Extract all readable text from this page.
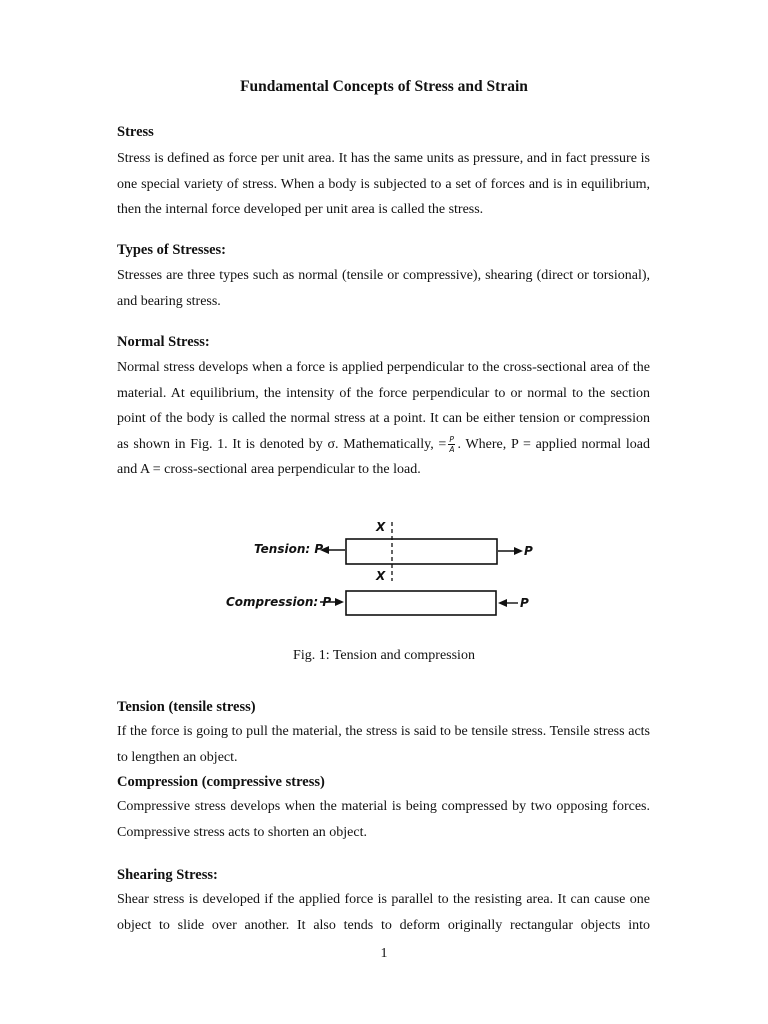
Fundamental Concepts of Stress and Strain
Stress
Stress is defined as force per unit area. It has the same units as pressure, and in fact pressure is one special variety of stress. When a body is subjected to a set of forces and is in equilibrium, then the internal force developed per unit area is called the stress.
Types of Stresses:
Stresses are three types such as normal (tensile or compressive), shearing (direct or torsional), and bearing stress.
Normal Stress:
Normal stress develops when a force is applied perpendicular to the cross-sectional area of the material. At equilibrium, the intensity of the force perpendicular to or normal to the section point of the body is called the normal stress at a point. It can be either tension or compression as shown in Fig. 1. It is denoted by σ. Mathematically, = $\frac{P}{A}$ . Where, P = applied normal load and A = cross-sectional area perpendicular to the load.
Tension: P
Compression: P
X
X
P
P
Fig. 1: Tension and compression
Tension (tensile stress)
If the force is going to pull the material, the stress is said to be tensile stress. Tensile stress acts to lengthen an object.
Compression (compressive stress)
Compressive stress develops when the material is being compressed by two opposing forces. Compressive stress acts to shorten an object.
Shearing Stress:
Shear stress is developed if the applied force is parallel to the resisting area. It can cause one object to slide over another. It also tends to deform originally rectangular objects into
1
